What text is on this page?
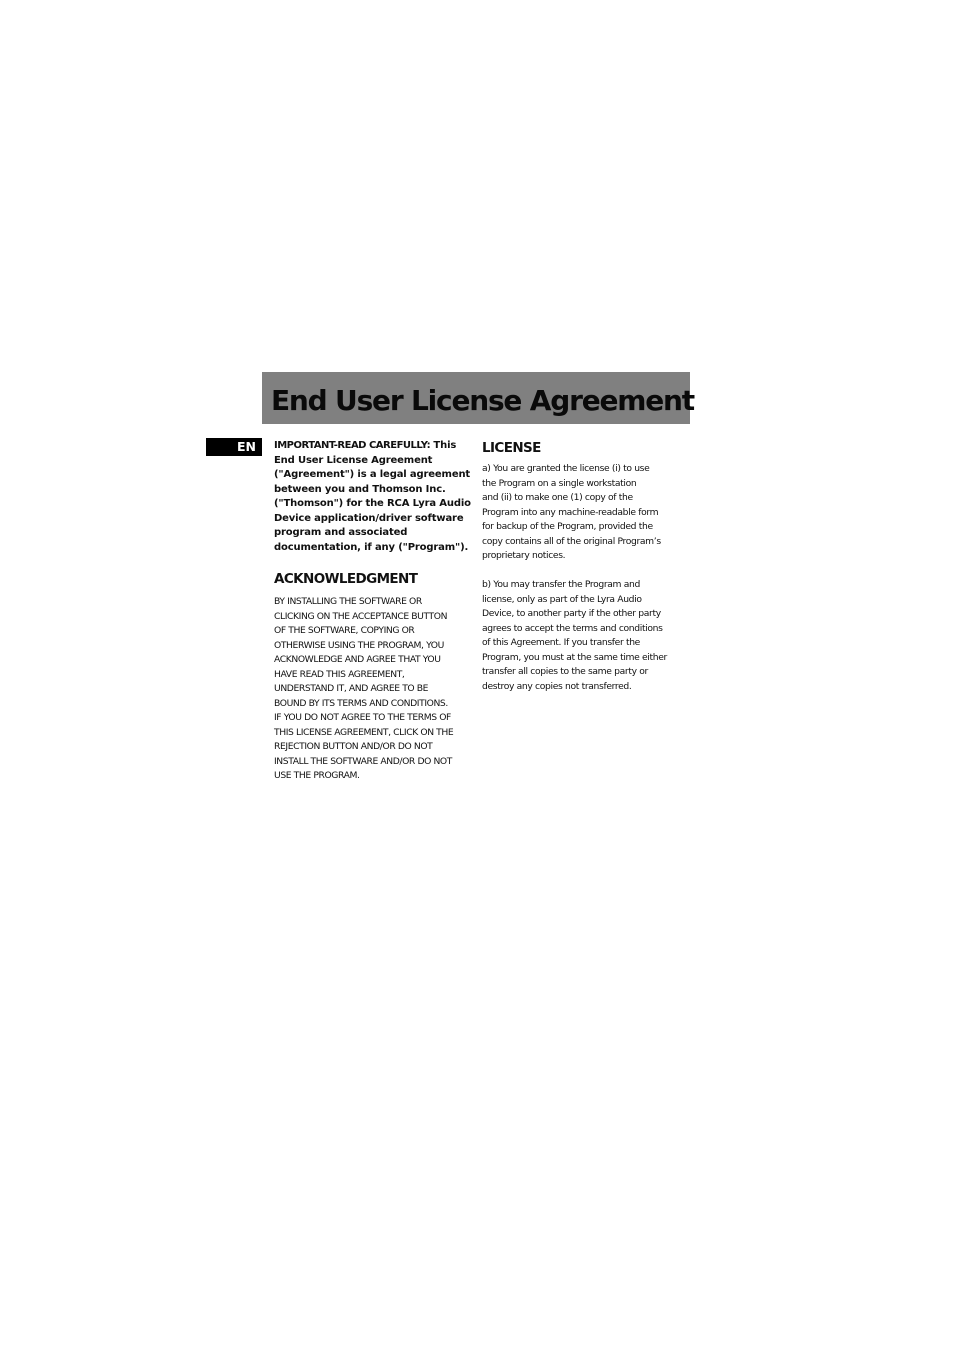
End User License Agreement
EN	IMPORTANT-READ CAREFULLY: This End User License Agreement ("Agreement") is a legal agreement between you and Thomson Inc. ("Thomson") for the RCA Lyra Audio Device application/driver software program and associated documentation, if any ("Program").

ACKNOWLEDGMENT

BY INSTALLING THE SOFTWARE OR
CLICKING ON THE ACCEPTANCE BUTTON
OF THE SOFTWARE, COPYING OR
OTHERWISE USING THE PROGRAM, YOU
ACKNOWLEDGE AND AGREE THAT YOU
HAVE READ THIS AGREEMENT,
UNDERSTAND IT, AND AGREE TO BE
BOUND BY ITS TERMS AND CONDITIONS.
IF YOU DO NOT AGREE TO THE TERMS OF
THIS LICENSE AGREEMENT, CLICK ON THE
REJECTION BUTTON AND/OR DO NOT
INSTALL THE SOFTWARE AND/OR DO NOT
USE THE PROGRAM.

LICENSE

a) You are granted the license (i) to use
the Program on a single workstation
and (ii) to make one (1) copy of the
Program into any machine-readable form
for backup of the Program, provided the
copy contains all of the original Program’s
proprietary notices.

b) You may transfer the Program and
license, only as part of the Lyra Audio
Device, to another party if the other party
agrees to accept the terms and conditions
of this Agreement. If you transfer the
Program, you must at the same time either
transfer all copies to the same party or
destroy any copies not transferred.
